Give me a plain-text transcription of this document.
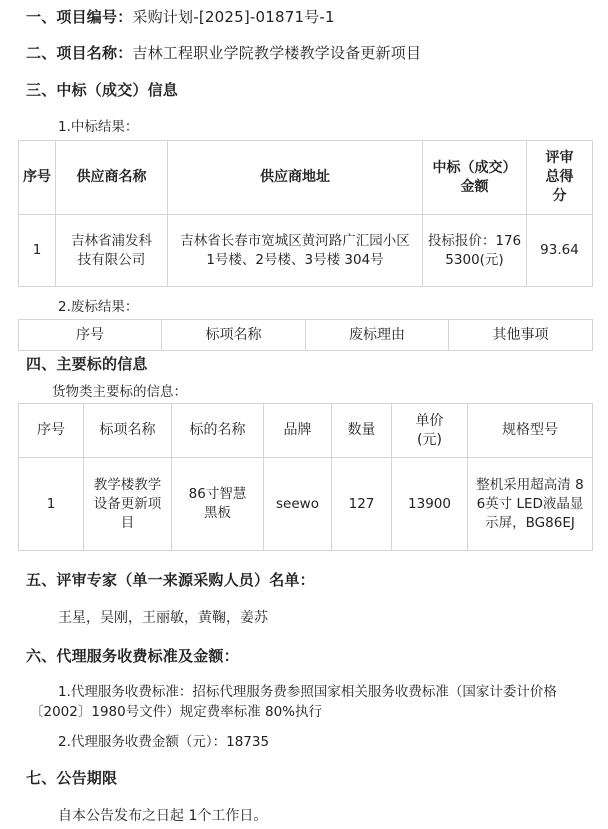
一、项目编号：采购计划-[2025]-01871号-1
二、项目名称：吉林工程职业学院教学楼教学设备更新项目
三、中标（成交）信息
1.中标结果：
序号	供应商名称	供应商地址	中标（成交）金额	评审总得分
1	吉林省浦发科技有限公司	吉林省长春市宽城区黄河路广汇园小区 1号楼、2号楼、3号楼 304号	投标报价：1765300(元)	93.64
2.废标结果：
序号	标项名称	废标理由	其他事项
四、主要标的信息
货物类主要标的信息：
序号	标项名称	标的名称	品牌	数量	单价(元)	规格型号
1	教学楼教学设备更新项目	86寸智慧黑板	seewo	127	13900	整机采用超高清 86英寸 LED液晶显示屏，BG86EJ
五、评审专家（单一来源采购人员）名单：
王星，吴刚，王丽敏，黄鞠，姜苏
六、代理服务收费标准及金额：
1.代理服务收费标准：招标代理服务费参照国家相关服务收费标准（国家计委计价格〔2002〕1980号文件）规定费率标准 80%执行
2.代理服务收费金额（元）：18735
七、公告期限
自本公告发布之日起 1个工作日。
